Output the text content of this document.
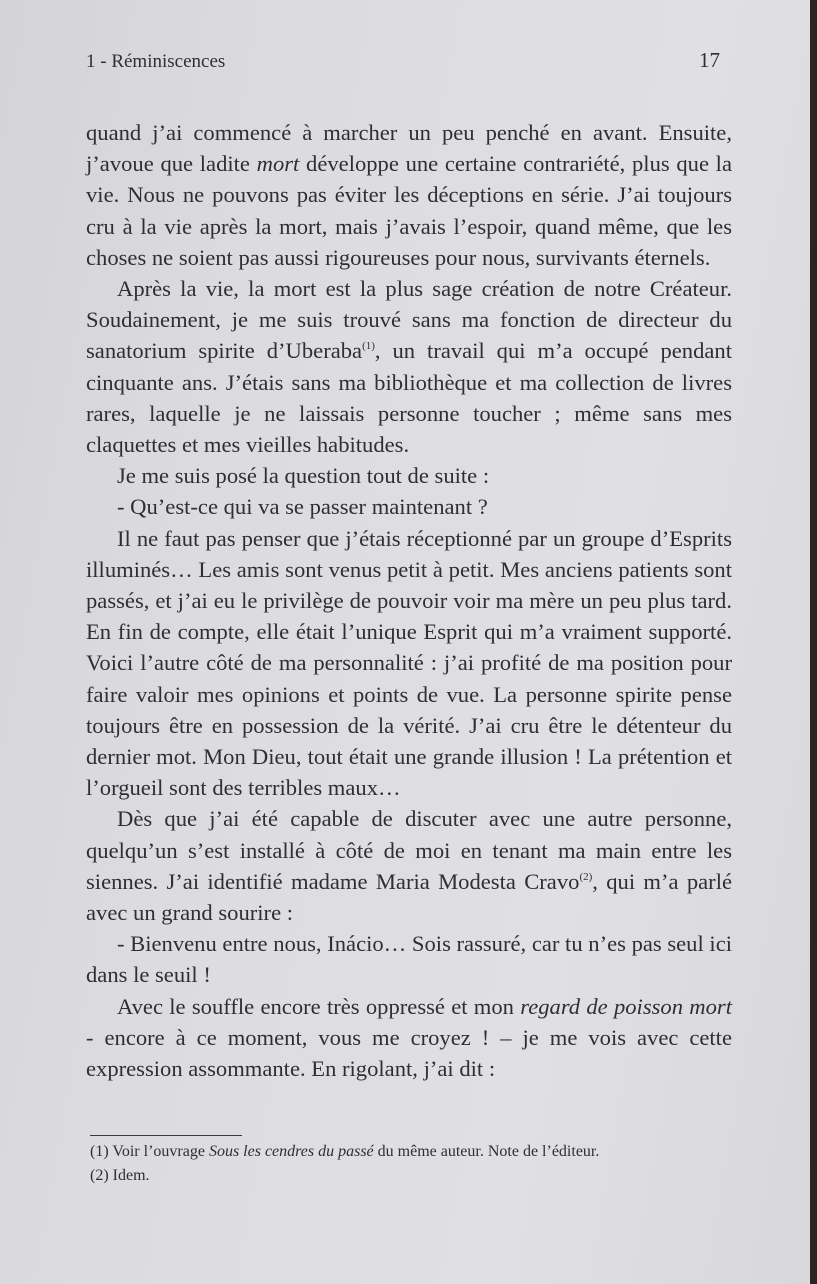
1 - Réminiscences	17

quand j’ai commencé à marcher un peu penché en avant. Ensuite, j’avoue que ladite mort développe une certaine contrariété, plus que la vie. Nous ne pouvons pas éviter les déceptions en série. J’ai toujours cru à la vie après la mort, mais j’avais l’espoir, quand même, que les choses ne soient pas aussi rigoureuses pour nous, survivants éternels.

Après la vie, la mort est la plus sage création de notre Créateur. Soudainement, je me suis trouvé sans ma fonction de directeur du sanatorium spirite d’Uberaba$^{(1)}$, un travail qui m’a occupé pendant cinquante ans. J’étais sans ma bibliothèque et ma collection de livres rares, laquelle je ne laissais personne toucher ; même sans mes claquettes et mes vieilles habitudes.

Je me suis posé la question tout de suite :

- Qu’est-ce qui va se passer maintenant ?

Il ne faut pas penser que j’étais réceptionné par un groupe d’Esprits illuminés… Les amis sont venus petit à petit. Mes anciens patients sont passés, et j’ai eu le privilège de pouvoir voir ma mère un peu plus tard. En fin de compte, elle était l’unique Esprit qui m’a vraiment supporté. Voici l’autre côté de ma personnalité : j’ai profité de ma position pour faire valoir mes opinions et points de vue. La personne spirite pense toujours être en possession de la vérité. J’ai cru être le détenteur du dernier mot. Mon Dieu, tout était une grande illusion ! La prétention et l’orgueil sont des terribles maux…

Dès que j’ai été capable de discuter avec une autre personne, quelqu’un s’est installé à côté de moi en tenant ma main entre les siennes. J’ai identifié madame Maria Modesta Cravo$^{(2)}$, qui m’a parlé avec un grand sourire :

- Bienvenu entre nous, Inácio… Sois rassuré, car tu n’es pas seul ici dans le seuil !

Avec le souffle encore très oppressé et mon regard de poisson mort - encore à ce moment, vous me croyez ! – je me vois avec cette expression assommante. En rigolant, j’ai dit :

(1) Voir l’ouvrage Sous les cendres du passé du même auteur. Note de l’éditeur.
(2) Idem.
